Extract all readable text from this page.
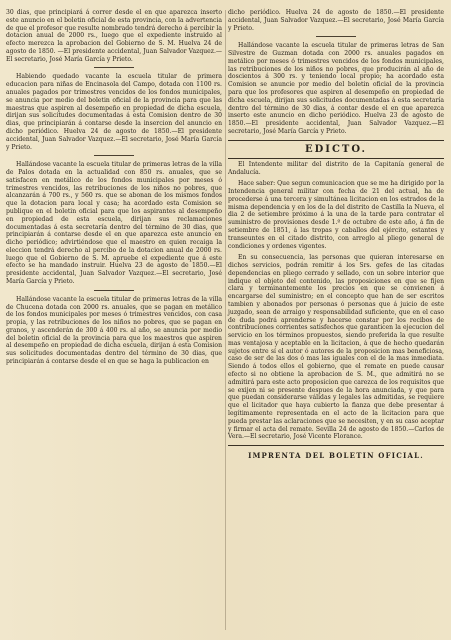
30 dias, que principiará á correr desde el en que aparezca inserto este anuncio en el boletin oficial de esta provincia, con la advertencia de que el profesor que resulte nombrado tendrá derecho á percibir la dotacion anual de 2000 rs., luego que el expediente instruido al efecto merezca la aprobacion del Gobierno de S. M. Huelva 24 de agosto de 1850. —El presidente accidental, Juan Salvador Vazquez.—El secretario, José María García y Prieto.

Habiendo quedado vacante la escuela titular de primera educacion para niñas de Encinasola del Campo, dotada con 1100 rs. anuales pagados por trimestres vencidos de los fondos municipales, se anuncia por medio del boletin oficial de la provincia para que las maestras que aspiren al desempeño en propiedad de dicha escuela, dirijan sus solicitudes documentadas á esta Comision dentro de 30 dias, que principiarán á contarse desde la insercion del anuncio en dicho periódico. Huelva 24 de agosto de 1850.—El presidente accidental, Juan Salvador Vazquez.—El secretario, José María García y Prieto.

Hallándose vacante la escuela titular de primeras letras de la villa de Palos dotada en la actualidad con 850 rs. anuales, que se satisfacen en metálico de los fondos municipales por meses ó trimestres vencidos, las retribuciones de los niños no pobres, que alcanzarán á 700 rs., y 560 rs. que se abonan de los mismos fondos que la dotacion para local y casa; ha acordado esta Comision se publique en el boletin oficial para que los aspirantes al desempeño en propiedad de esta escuela, dirijan sus reclamaciones documentadas á esta secretaría dentro del término de 30 dias, que principiarán á contarse desde el en que aparezca este anuncio en dicho periódico; advirtiéndose que el maestro en quien recaiga la eleccion tendrá derecho al percibo de la dotacion anual de 2000 rs. luego que el Gobierno de S. M. apruebe el expediente que á este efecto se ha mandado instruir. Huelva 23 de agosto de 1850.—El presidente accidental, Juan Salvador Vazquez.—El secretario, José María García y Prieto.

Hallándose vacante la escuela titular de primeras letras de la villa de Chucena dotada con 2000 rs. anuales, que se pagan en metálico de los fondos municipales por meses ó trimestres vencidos, con casa propia, y las retribuciones de los niños no pobres, que se pagan en granos, y ascenderán de 300 á 400 rs. al año, se anuncia por medio del boletin oficial de la provincia para que los maestros que aspiren al desempeño en propiedad de dicha escuela, dirijan á esta Comision sus solicitudes documentadas dentro del término de 30 dias, que principiarán á contarse desde el en que se haga la publicacion en

dicho periódico. Huelva 24 de agosto de 1850.—El presidente accidental, Juan Salvador Vazquez.—El secretario, José María García y Prieto.

Hallándose vacante la escuela titular de primeras letras de San Silvestre de Guzman dotada con 2000 rs. anuales pagados en metálico por meses ó trimestres vencidos de los fondos municipales, las retribuciones de los niños no pobres, que producirán al año de doscientos á 300 rs. y teniendo local propio; ha acordado esta Comision se anuncie por medio del boletin oficial de la provincia para que los profesores que aspiren al desempeño en propiedad de dicha escuela, dirijan sus solicitudes documentadas á esta secretaría dentro del término de 30 dias, á contar desde el en que aparezca inserto este anuncio en dicho periódico. Huelva 23 de agosto de 1850.—El presidente accidental, Juan Salvador Vazquez.—El secretario, José María García y Prieto.

EDICTO.

El Intendente militar del distrito de la Capitanía general de Andalucía.

Hace saber: Que segun comunicacion que se me ha dirigido por la Intendencia general militar con fecha de 21 del actual, ha de procederse á una tercera y simultánea licitacion en los estrados de la misma dependencia y en los de la del distrito de Castilla la Nueva, el dia 2 de setiembre próximo á la una de la tarde para contratar el suministro de provisiones desde 1.º de octubre de este año, á fin de setiembre de 1851, á las tropas y caballos del ejército, estantes y transeuntes en el citado distrito, con arreglo al pliego general de condiciones y ordenes vigentes.

En su consecuencia, las personas que quieran interesarse en dichos servicios, podrán remitir á los Srs. gefes de las citadas dependencias en pliego cerrado y sellado, con un sobre interior que indique el objeto del contenido, las proposiciones en que se fijen clara y terminantemente los precios en que se convienen á encargarse del suministro; en el concepto que han de ser escritos tambien y abonados por personas ó personas que á juicio de este juzgado, sean de arraigo y responsabilidad suficiente, que en el caso de duda podrá aprenderse y hacerse constar por los recibos de contribuciones corrientes satisfechos que garanticen la ejecucion del servicio en los términos propuestos, siendo preferida la que resulte mas ventajosa y aceptable en la licitacion, á que de hecho quedarán sujetos entre sí el autor ó autores de la proposicion mas beneficiosa, caso de ser de las dos ó mas las iguales con el de la mas inmediata. Siendo á todos ellos el gobierno, que el remate en puede causar efecto si no obtiene la aprobacion de S. M., que admitirá no se admitirá para este acto proposicion que carezca de los requisitos que se exijen ni se presente despues de la hora anunciada, y que para que puedan considerarse válidas y legales las admitidas, se requiere que el licitador que haya cubierto la fianza que debe presentar á legítimamente representada en el acto de la licitacion para que pueda prestar las aclaraciones que se necesiten, y en su caso aceptar y firmar el acta del remate. Sevilla 24 de agosto de 1850.—Carlos de Vera.—El secretario, José Vicente Florance.

IMPRENTA DEL BOLETIN OFICIAL.
